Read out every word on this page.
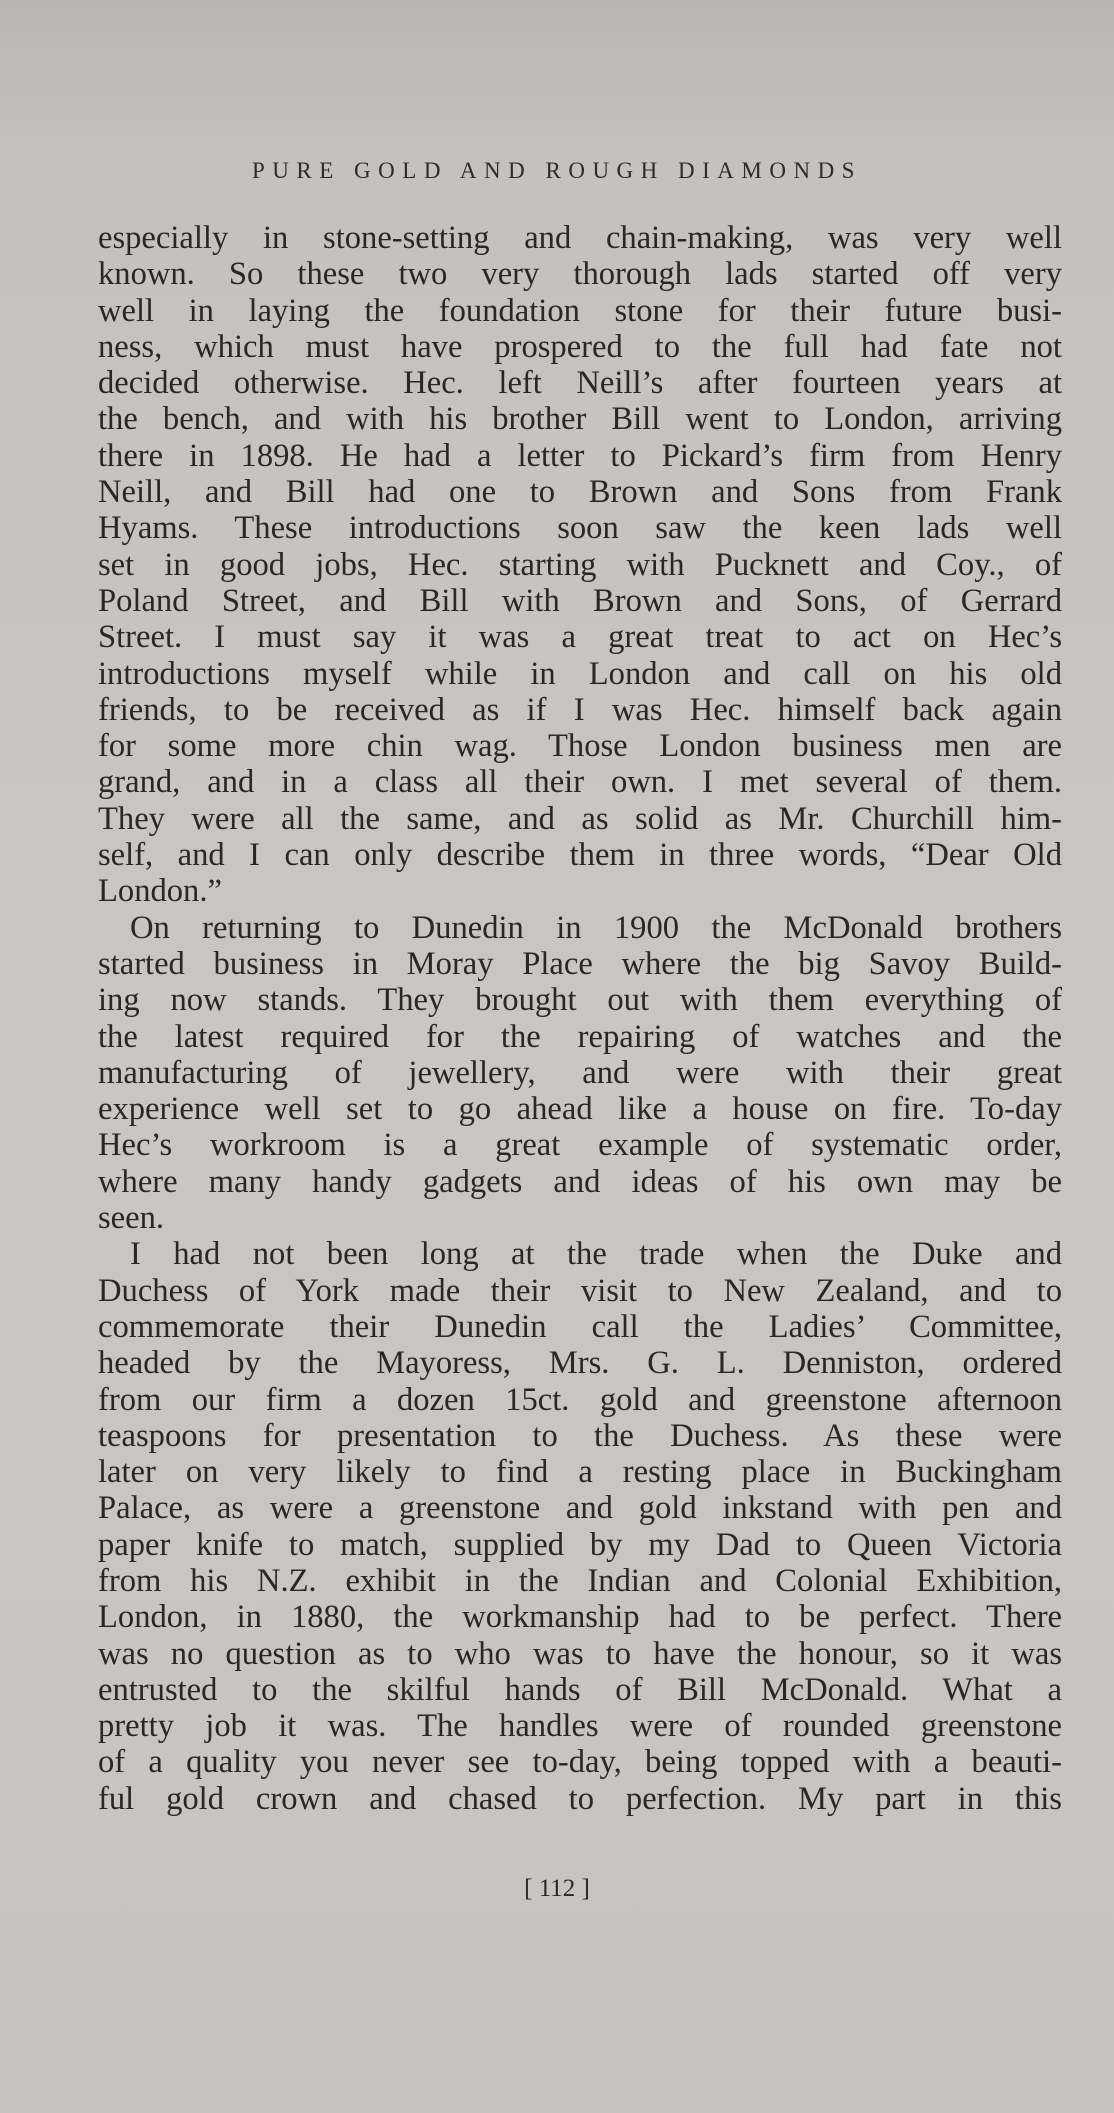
PURE GOLD AND ROUGH DIAMONDS
especially in stone-setting and chain-making, was very well
known. So these two very thorough lads started off very
well in laying the foundation stone for their future busi-
ness, which must have prospered to the full had fate not
decided otherwise. Hec. left Neill’s after fourteen years at
the bench, and with his brother Bill went to London, arriving
there in 1898. He had a letter to Pickard’s firm from Henry
Neill, and Bill had one to Brown and Sons from Frank
Hyams. These introductions soon saw the keen lads well
set in good jobs, Hec. starting with Pucknett and Coy., of
Poland Street, and Bill with Brown and Sons, of Gerrard
Street. I must say it was a great treat to act on Hec’s
introductions myself while in London and call on his old
friends, to be received as if I was Hec. himself back again
for some more chin wag. Those London business men are
grand, and in a class all their own. I met several of them.
They were all the same, and as solid as Mr. Churchill him-
self, and I can only describe them in three words, “Dear Old
London.”
On returning to Dunedin in 1900 the McDonald brothers
started business in Moray Place where the big Savoy Build-
ing now stands. They brought out with them everything of
the latest required for the repairing of watches and the
manufacturing of jewellery, and were with their great
experience well set to go ahead like a house on fire. To-day
Hec’s workroom is a great example of systematic order,
where many handy gadgets and ideas of his own may be
seen.
I had not been long at the trade when the Duke and
Duchess of York made their visit to New Zealand, and to
commemorate their Dunedin call the Ladies’ Committee,
headed by the Mayoress, Mrs. G. L. Denniston, ordered
from our firm a dozen 15ct. gold and greenstone afternoon
teaspoons for presentation to the Duchess. As these were
later on very likely to find a resting place in Buckingham
Palace, as were a greenstone and gold inkstand with pen and
paper knife to match, supplied by my Dad to Queen Victoria
from his N.Z. exhibit in the Indian and Colonial Exhibition,
London, in 1880, the workmanship had to be perfect. There
was no question as to who was to have the honour, so it was
entrusted to the skilful hands of Bill McDonald. What a
pretty job it was. The handles were of rounded greenstone
of a quality you never see to-day, being topped with a beauti-
ful gold crown and chased to perfection. My part in this
[ 112 ]
